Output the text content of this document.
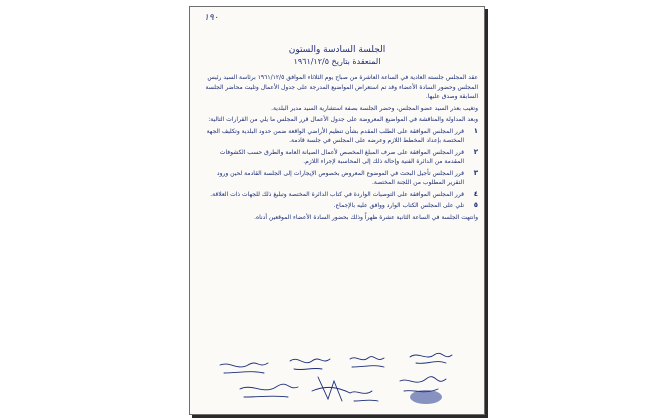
١٩٠
الجلسة السادسة والستون
المنعقدة بتاريخ ١٩٦١/١٢/٥

عقد المجلس جلسته العادية في الساعة العاشرة من صباح يوم الثلاثاء الموافق ١٩٦١/١٢/٥ برئاسة السيد رئيس المجلس وحضور السادة الأعضاء وقد تم استعراض المواضيع المدرجة على جدول الأعمال وتليت محاضر الجلسة السابقة وصدق عليها.

وتغيب بعذر السيد عضو المجلس، وحضر الجلسة بصفة استشارية السيد مدير البلدية.

وبعد المداولة والمناقشة في المواضيع المعروضة على جدول الأعمال قرر المجلس ما يلي من القرارات التالية:

١
قرر المجلس الموافقة على الطلب المقدم بشأن تنظيم الأراضي الواقعة ضمن حدود البلدية وتكليف الجهة المختصة بإعداد المخطط اللازم وعرضه على المجلس في جلسة قادمة.
٢
قرر المجلس الموافقة على صرف المبلغ المخصص لأعمال الصيانة العامة والطرق حسب الكشوفات المقدمة من الدائرة الفنية وإحالة ذلك إلى المحاسبة لإجراء اللازم.
٣
قرر المجلس تأجيل البحث في الموضوع المعروض بخصوص الإيجارات إلى الجلسة القادمة لحين ورود التقرير المطلوب من اللجنة المختصة.
٤
قرر المجلس الموافقة على التوصيات الواردة في كتاب الدائرة المختصة وتبليغ ذلك للجهات ذات العلاقة.
٥
تلي على المجلس الكتاب الوارد ووافق عليه بالإجماع.

وانتهت الجلسة في الساعة الثانية عشرة ظهراً وذلك بحضور السادة الأعضاء الموقعين أدناه.
